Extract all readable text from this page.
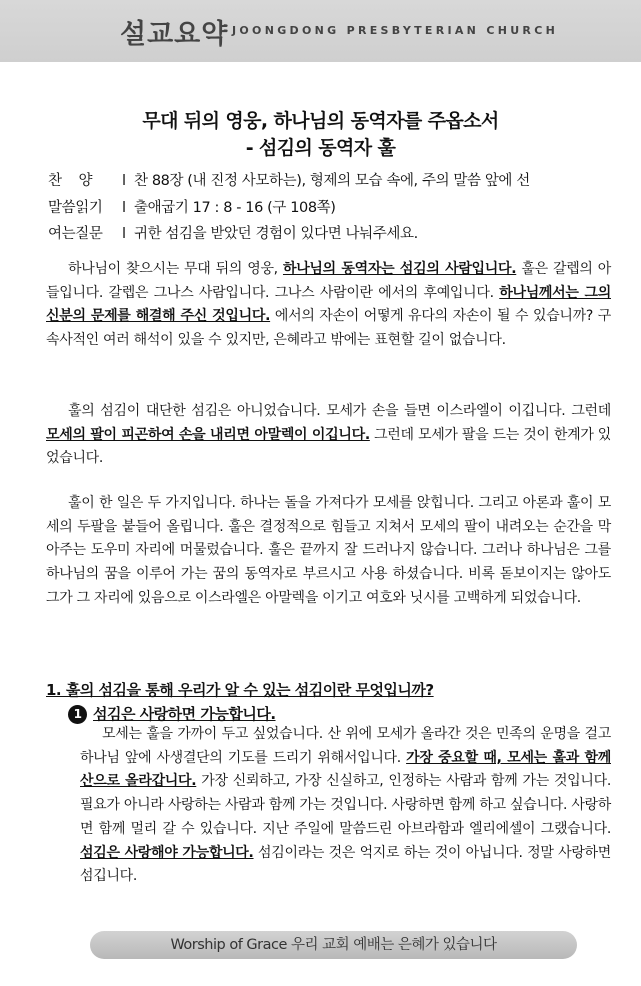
설교요약 JOONGDONG PRESBYTERIAN CHURCH
무대 뒤의 영웅, 하나님의 동역자를 주옵소서
- 섬김의 동역자 훌
찬    양 l 찬 88장 (내 진정 사모하는), 형제의 모습 속에, 주의 말씀 앞에 선
말씀읽기 l 출애굽기 17 : 8 - 16 (구 108쪽)
여는질문 l 귀한 섬김을 받았던 경험이 있다면 나눠주세요.
하나님이 찾으시는 무대 뒤의 영웅, 하나님의 동역자는 섬김의 사람입니다. 훌은 갈렙의 아들입니다. 갈렙은 그나스 사람입니다. 그나스 사람이란 에서의 후예입니다. 하나님께서는 그의 신분의 문제를 해결해 주신 것입니다. 에서의 자손이 어떻게 유다의 자손이 될 수 있습니까? 구속사적인 여러 해석이 있을 수 있지만, 은혜라고 밖에는 표현할 길이 없습니다.
훌의 섬김이 대단한 섬김은 아니었습니다. 모세가 손을 들면 이스라엘이 이깁니다. 그런데 모세의 팔이 피곤하여 손을 내리면 아말렉이 이깁니다. 그런데 모세가 팔을 드는 것이 한계가 있었습니다.
훌이 한 일은 두 가지입니다. 하나는 돌을 가져다가 모세를 앉힙니다. 그리고 아론과 훌이 모세의 두팔을 붙들어 올립니다. 훌은 결정적으로 힘들고 지쳐서 모세의 팔이 내려오는 순간을 막아주는 도우미 자리에 머물렀습니다. 훌은 끝까지 잘 드러나지 않습니다. 그러나 하나님은 그를 하나님의 꿈을 이루어 가는 꿈의 동역자로 부르시고 사용 하셨습니다. 비록 돋보이지는 않아도 그가 그 자리에 있음으로 이스라엘은 아말렉을 이기고 여호와 닛시를 고백하게 되었습니다.
1. 훌의 섬김을 통해 우리가 알 수 있는 섬김이란 무엇입니까?
1 섬김은 사랑하면 가능합니다.
모세는 훌을 가까이 두고 싶었습니다. 산 위에 모세가 올라간 것은 민족의 운명을 걸고 하나님 앞에 사생결단의 기도를 드리기 위해서입니다. 가장 중요할 때, 모세는 훌과 함께 산으로 올라갑니다. 가장 신뢰하고, 가장 신실하고, 인정하는 사람과 함께 가는 것입니다. 필요가 아니라 사랑하는 사람과 함께 가는 것입니다. 사랑하면 함께 하고 싶습니다. 사랑하면 함께 멀리 갈 수 있습니다. 지난 주일에 말씀드린 아브라함과 엘리에셀이 그랬습니다. 섬김은 사랑해야 가능합니다. 섬김이라는 것은 억지로 하는 것이 아닙니다. 정말 사랑하면 섬깁니다.
Worship of Grace 우리 교회 예배는 은혜가 있습니다
